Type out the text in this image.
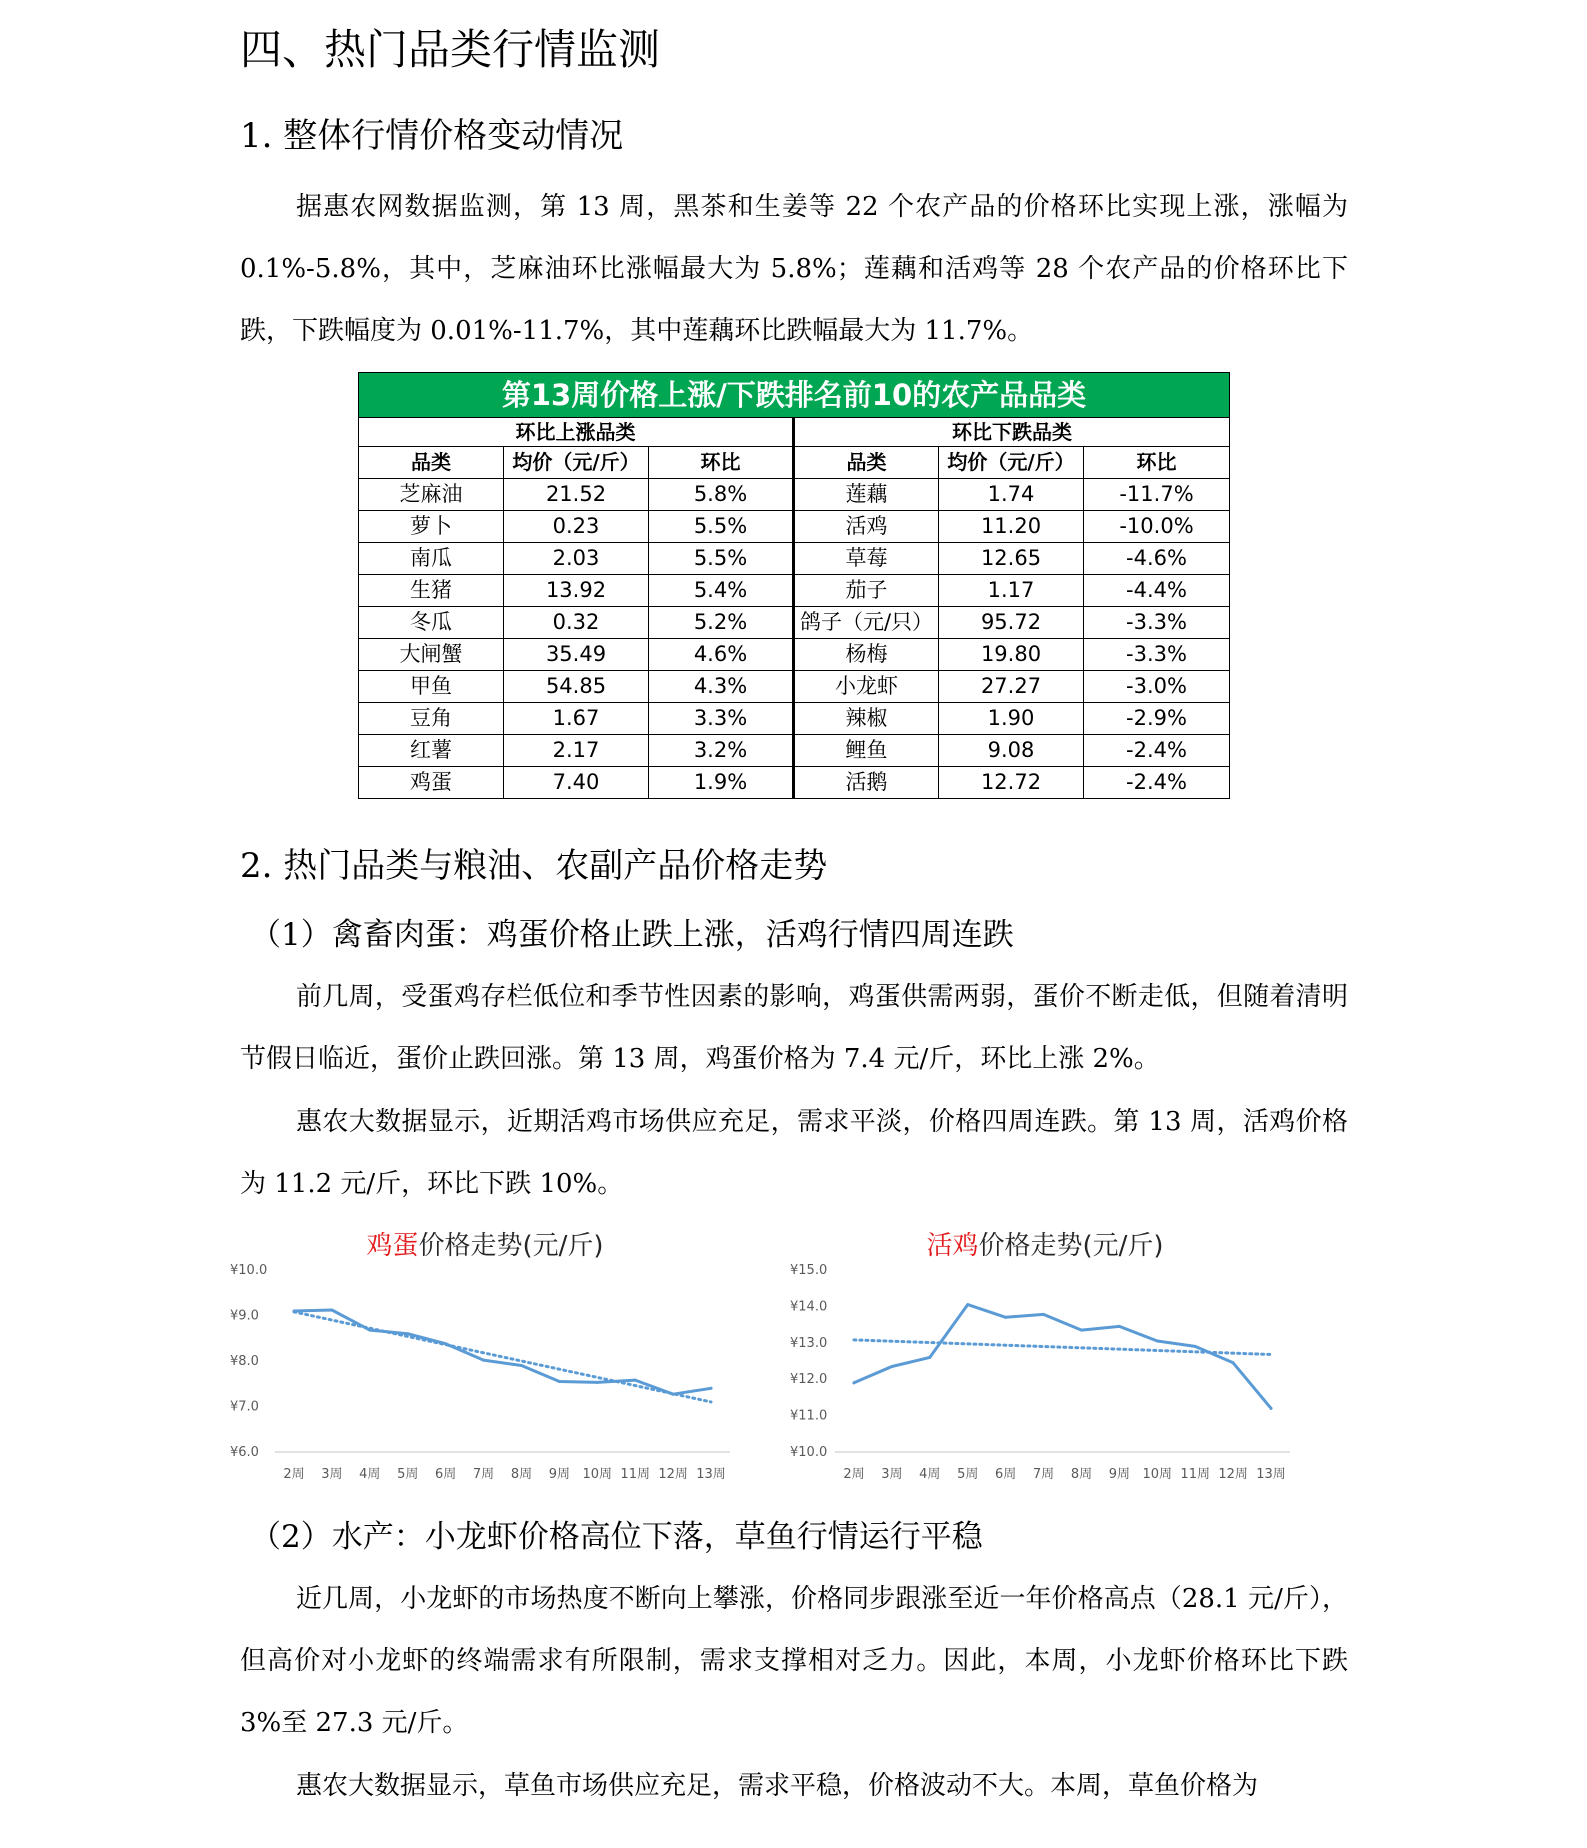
四、热门品类行情监测
1. 整体行情价格变动情况

据惠农网数据监测，第 13 周，黑茶和生姜等 22 个农产品的价格环比实现上涨，涨幅为 0.1%-5.8%，其中，芝麻油环比涨幅最大为 5.8%；莲藕和活鸡等 28 个农产品的价格环比下跌，下跌幅度为 0.01%-11.7%，其中莲藕环比跌幅最大为 11.7%。

第13周价格上涨/下跌排名前10的农产品品类					
环比上涨品类			环比下跌品类		
品类	均价（元/斤）	环比	品类	均价（元/斤）	环比
芝麻油	21.52	5.8%	莲藕	1.74	-11.7%
萝卜	0.23	5.5%	活鸡	11.20	-10.0%
南瓜	2.03	5.5%	草莓	12.65	-4.6%
生猪	13.92	5.4%	茄子	1.17	-4.4%
冬瓜	0.32	5.2%	鸽子（元/只）	95.72	-3.3%
大闸蟹	35.49	4.6%	杨梅	19.80	-3.3%
甲鱼	54.85	4.3%	小龙虾	27.27	-3.0%
豆角	1.67	3.3%	辣椒	1.90	-2.9%
红薯	2.17	3.2%	鲤鱼	9.08	-2.4%
鸡蛋	7.40	1.9%	活鹅	12.72	-2.4%
2. 热门品类与粮油、农副产品价格走势
（1）禽畜肉蛋：鸡蛋价格止跌上涨，活鸡行情四周连跌

前几周，受蛋鸡存栏低位和季节性因素的影响，鸡蛋供需两弱，蛋价不断走低，但随着清明节假日临近，蛋价止跌回涨。第 13 周，鸡蛋价格为 7.4 元/斤，环比上涨 2%。

惠农大数据显示，近期活鸡市场供应充足，需求平淡，价格四周连跌。第 13 周，活鸡价格为 11.2 元/斤，环比下跌 10%。

（2）水产：小龙虾价格高位下落，草鱼行情运行平稳

近几周，小龙虾的市场热度不断向上攀涨，价格同步跟涨至近一年价格高点（28.1 元/斤），但高价对小龙虾的终端需求有所限制，需求支撑相对乏力。因此，本周，小龙虾价格环比下跌 3%至 27.3 元/斤。

惠农大数据显示，草鱼市场供应充足，需求平稳，价格波动不大。本周，草鱼价格为

鸡蛋价格走势(元/斤)
¥6.0
¥7.0
¥8.0
¥9.0
¥10.0
2周 3周 4周 5周 6周 7周 8周 9周 10周 11周 12周 13周
活鸡价格走势(元/斤)
¥10.0
¥11.0
¥12.0
¥13.0
¥14.0
¥15.0
2周 3周 4周 5周 6周 7周 8周 9周 10周 11周 12周 13周
